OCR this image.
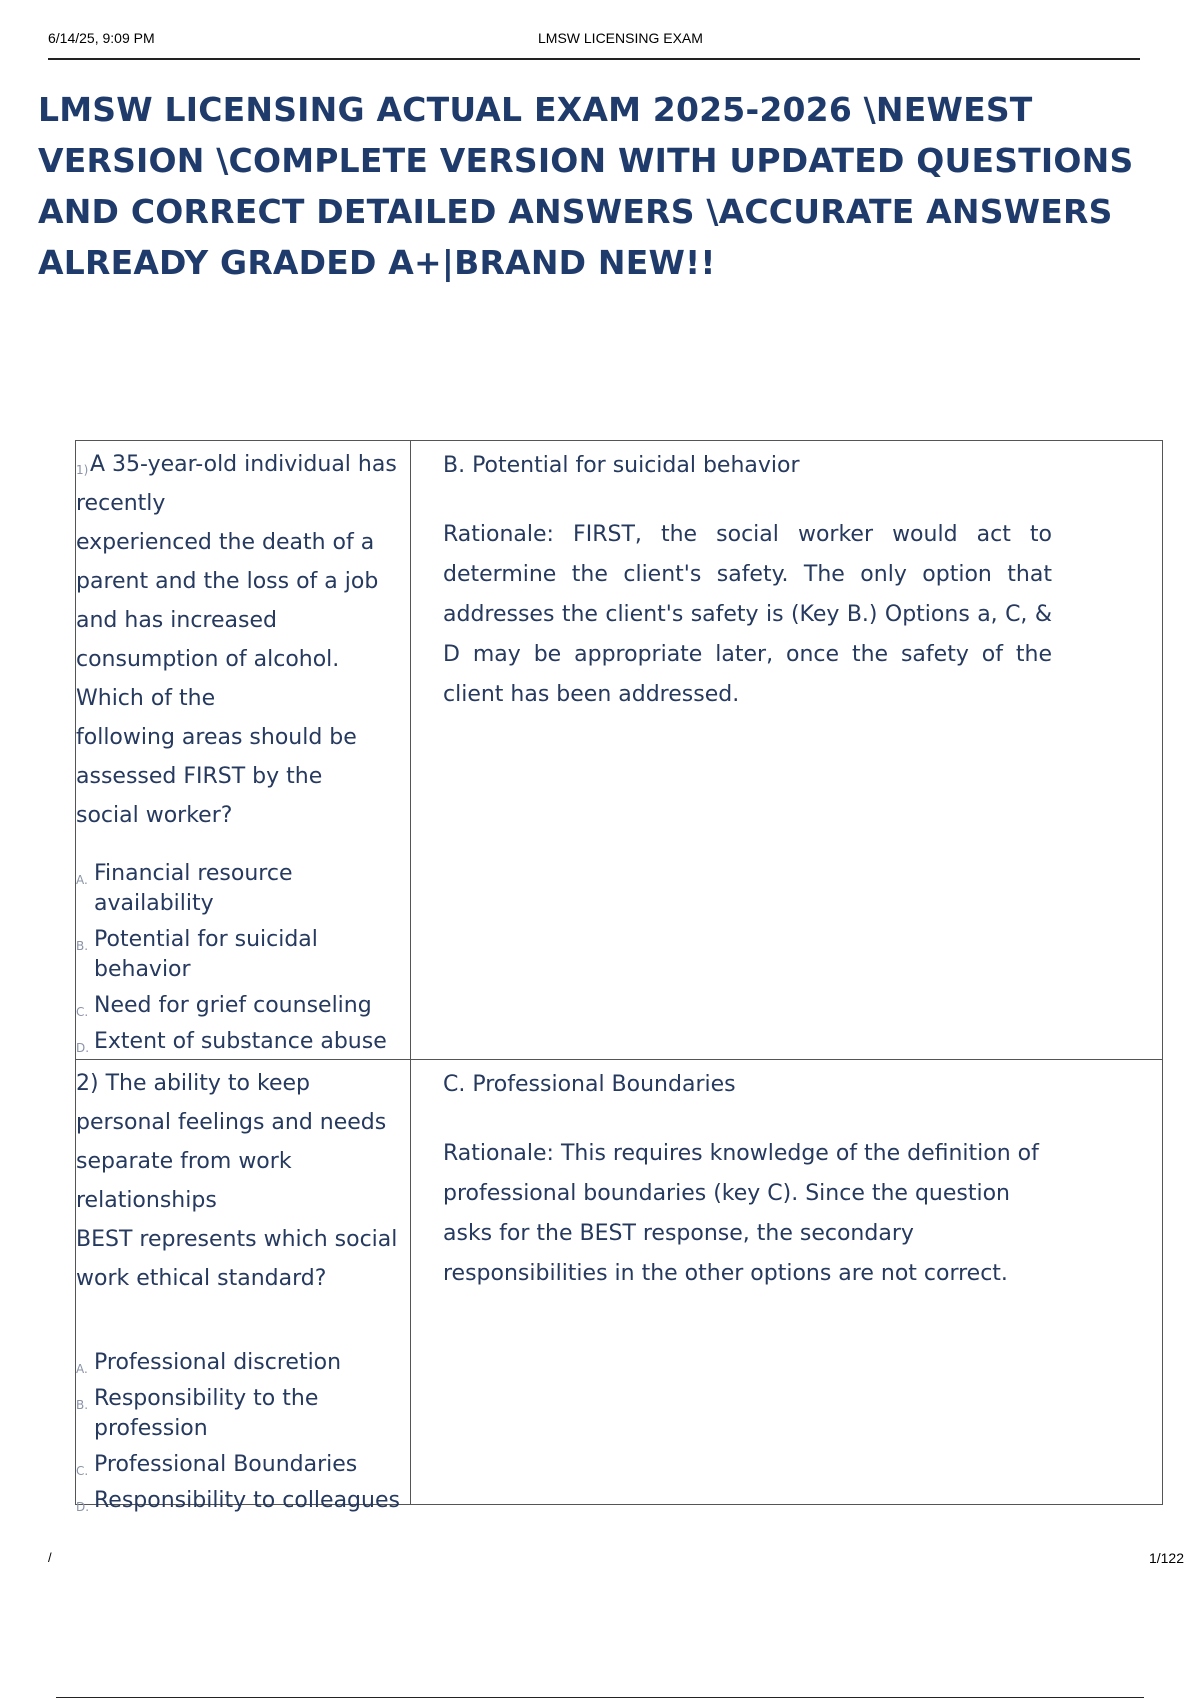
6/14/25, 9:09 PM	LMSW LICENSING EXAM
LMSW LICENSING ACTUAL EXAM 2025-2026 \NEWEST VERSION \COMPLETE VERSION WITH UPDATED QUESTIONS AND CORRECT DETAILED ANSWERS \ACCURATE ANSWERS ALREADY GRADED A+|BRAND NEW!!
1) A 35-year-old individual has recently
experienced the death of a
parent and the loss of a job
and has increased
consumption of alcohol.
Which of the
following areas should be
assessed FIRST by the
social worker?

A. Financial resource availability
B. Potential for suicidal behavior
C. Need for grief counseling
D. Extent of substance abuse

B. Potential for suicidal behavior

Rationale: FIRST, the social worker would act to determine the client's safety. The only option that addresses the client's safety is (Key B.) Options a, C, & D may be appropriate later, once the safety of the client has been addressed.

2) The ability to keep
personal feelings and needs
separate from work
relationships
BEST represents which social
work ethical standard?

A. Professional discretion
B. Responsibility to the profession
C. Professional Boundaries
D. Responsibility to colleagues

C. Professional Boundaries

Rationale: This requires knowledge of the definition of professional boundaries (key C). Since the question asks for the BEST response, the secondary responsibilities in the other options are not correct.

/	1/122
